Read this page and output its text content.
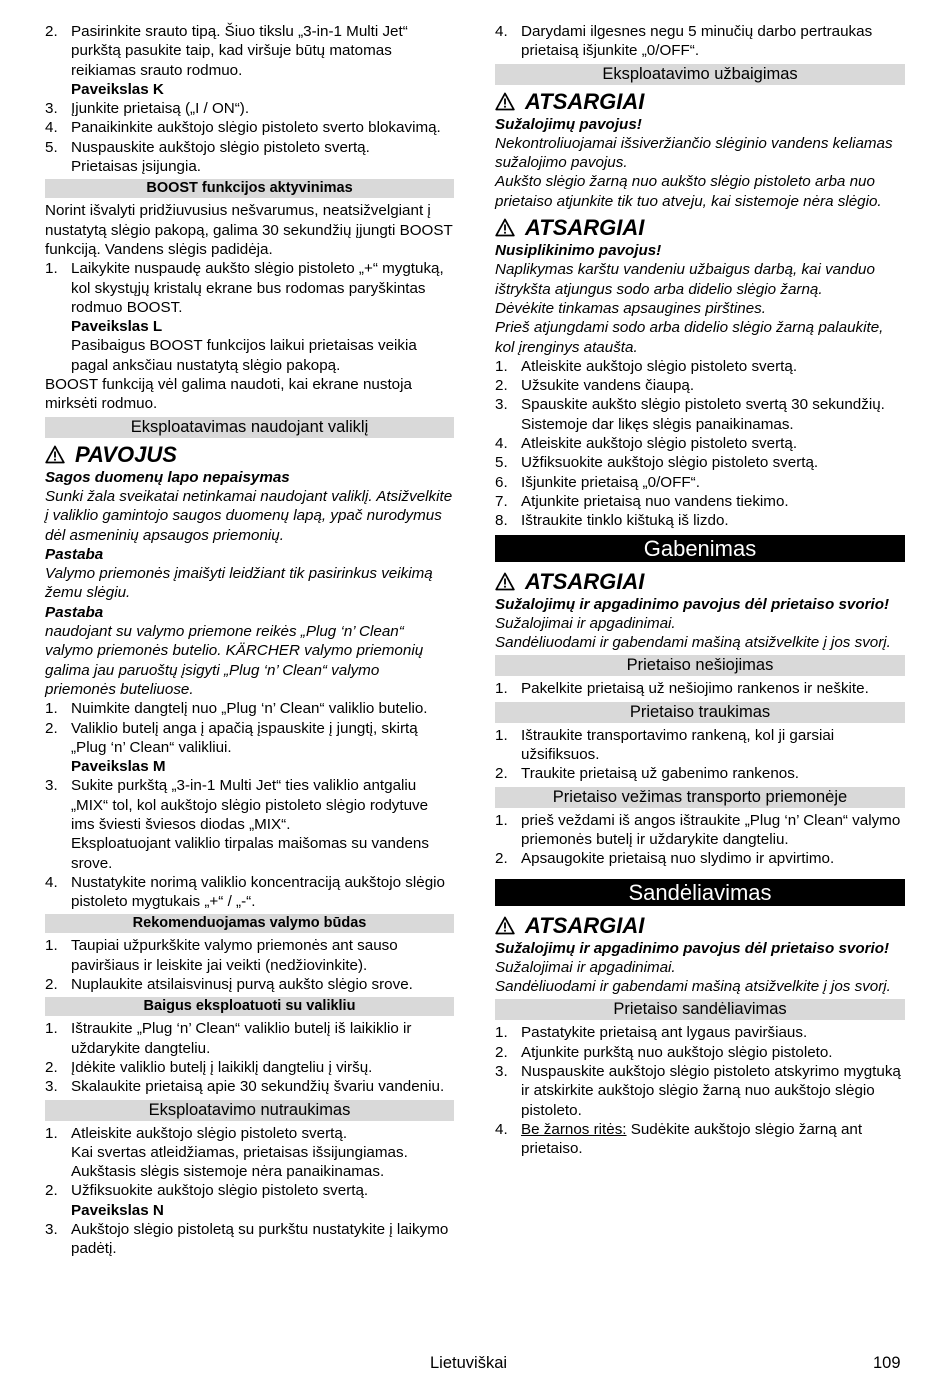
2. Pasirinkite srauto tipą. Šiuo tikslu „3-in-1 Multi Jet“ purkštą pasukite taip, kad viršuje būtų matomas reikiamas srauto rodmuo.
Paveikslas K
3. Įjunkite prietaisą („I / ON“).
4. Panaikinkite aukštojo slėgio pistoleto sverto blokavimą.
5. Nuspauskite aukštojo slėgio pistoleto svertą.
Prietaisas įsijungia.
BOOST funkcijos aktyvinimas
Norint išvalyti pridžiuvusius nešvarumus, neatsižvelgiant į nustatytą slėgio pakopą, galima 30 sekundžių įjungti BOOST funkciją. Vandens slėgis padidėja.
1. Laikykite nuspaudę aukšto slėgio pistoleto „+“ mygtuką, kol skystųjų kristalų ekrane bus rodomas paryškintas rodmuo BOOST.
Paveikslas L
Pasibaigus BOOST funkcijos laikui prietaisas veikia pagal anksčiau nustatytą slėgio pakopą.
BOOST funkciją vėl galima naudoti, kai ekrane nustoja mirksėti rodmuo.
Eksploatavimas naudojant valiklį
PAVOJUS
Sagos duomenų lapo nepaisymas
Sunki žala sveikatai netinkamai naudojant valiklį. Atsižvelkite į valiklio gamintojo saugos duomenų lapą, ypač nurodymus dėl asmeninių apsaugos priemonių.
Pastaba
Valymo priemonės įmaišyti leidžiant tik pasirinkus veikimą žemu slėgiu.
Pastaba
naudojant su valymo priemone reikės „Plug ‘n’ Clean“ valymo priemonės butelio. KÄRCHER valymo priemonių galima jau paruoštų įsigyti „Plug ‘n’ Clean“ valymo priemonės buteliuose.
1. Nuimkite dangtelį nuo „Plug ‘n’ Clean“ valiklio butelio.
2. Valiklio butelį anga į apačią įspauskite į jungtį, skirtą „Plug ‘n’ Clean“ valikliui.
Paveikslas M
3. Sukite purkštą „3-in-1 Multi Jet“ ties valiklio antgaliu „MIX“ tol, kol aukštojo slėgio pistoleto slėgio rodytuve ims šviesti šviesos diodas „MIX“.
Eksploatuojant valiklio tirpalas maišomas su vandens srove.
4. Nustatykite norimą valiklio koncentraciją aukštojo slėgio pistoleto mygtukais „+“ / „-“.
Rekomenduojamas valymo būdas
1. Taupiai užpurkškite valymo priemonės ant sauso paviršiaus ir leiskite jai veikti (nedžiovinkite).
2. Nuplaukite atsilaisvinusį purvą aukšto slėgio srove.
Baigus eksploatuoti su valikliu
1. Ištraukite „Plug ‘n’ Clean“ valiklio butelį iš laikiklio ir uždarykite dangteliu.
2. Įdėkite valiklio butelį į laikiklį dangteliu į viršų.
3. Skalaukite prietaisą apie 30 sekundžių švariu vandeniu.
Eksploatavimo nutraukimas
1. Atleiskite aukštojo slėgio pistoleto svertą.
Kai svertas atleidžiamas, prietaisas išsijungiamas. Aukštasis slėgis sistemoje nėra panaikinamas.
2. Užfiksuokite aukštojo slėgio pistoleto svertą.
Paveikslas N
3. Aukštojo slėgio pistoletą su purkštu nustatykite į laikymo padėtį.
4. Darydami ilgesnes negu 5 minučių darbo pertraukas prietaisą išjunkite „0/OFF“.
Eksploatavimo užbaigimas
ATSARGIAI
Sužalojimų pavojus!
Nekontroliuojamai išsiveržiančio slėginio vandens keliamas sužalojimo pavojus.
Aukšto slėgio žarną nuo aukšto slėgio pistoleto arba nuo prietaiso atjunkite tik tuo atveju, kai sistemoje nėra slėgio.
ATSARGIAI
Nusiplikinimo pavojus!
Naplikymas karštu vandeniu užbaigus darbą, kai vanduo ištrykšta atjungus sodo arba didelio slėgio žarną.
Dėvėkite tinkamas apsaugines pirštines.
Prieš atjungdami sodo arba didelio slėgio žarną palaukite, kol įrenginys ataušta.
1. Atleiskite aukštojo slėgio pistoleto svertą.
2. Užsukite vandens čiaupą.
3. Spauskite aukšto slėgio pistoleto svertą 30 sekundžių.
Sistemoje dar likęs slėgis panaikinamas.
4. Atleiskite aukštojo slėgio pistoleto svertą.
5. Užfiksuokite aukštojo slėgio pistoleto svertą.
6. Išjunkite prietaisą „0/OFF“.
7. Atjunkite prietaisą nuo vandens tiekimo.
8. Ištraukite tinklo kištuką iš lizdo.
Gabenimas
ATSARGIAI
Sužalojimų ir apgadinimo pavojus dėl prietaiso svorio!
Sužalojimai ir apgadinimai.
Sandėliuodami ir gabendami mašiną atsižvelkite į jos svorį.
Prietaiso nešiojimas
1. Pakelkite prietaisą už nešiojimo rankenos ir neškite.
Prietaiso traukimas
1. Ištraukite transportavimo rankeną, kol ji garsiai užsifiksuos.
2. Traukite prietaisą už gabenimo rankenos.
Prietaiso vežimas transporto priemonėje
1. prieš veždami iš angos ištraukite „Plug ‘n’ Clean“ valymo priemonės butelį ir uždarykite dangteliu.
2. Apsaugokite prietaisą nuo slydimo ir apvirtimo.
Sandėliavimas
ATSARGIAI
Sužalojimų ir apgadinimo pavojus dėl prietaiso svorio!
Sužalojimai ir apgadinimai.
Sandėliuodami ir gabendami mašiną atsižvelkite į jos svorį.
Prietaiso sandėliavimas
1. Pastatykite prietaisą ant lygaus paviršiaus.
2. Atjunkite purkštą nuo aukštojo slėgio pistoleto.
3. Nuspauskite aukštojo slėgio pistoleto atskyrimo mygtuką ir atskirkite aukštojo slėgio žarną nuo aukštojo slėgio pistoleto.
4. Be žarnos ritės: Sudėkite aukštojo slėgio žarną ant prietaiso.
Lietuviškai	109
